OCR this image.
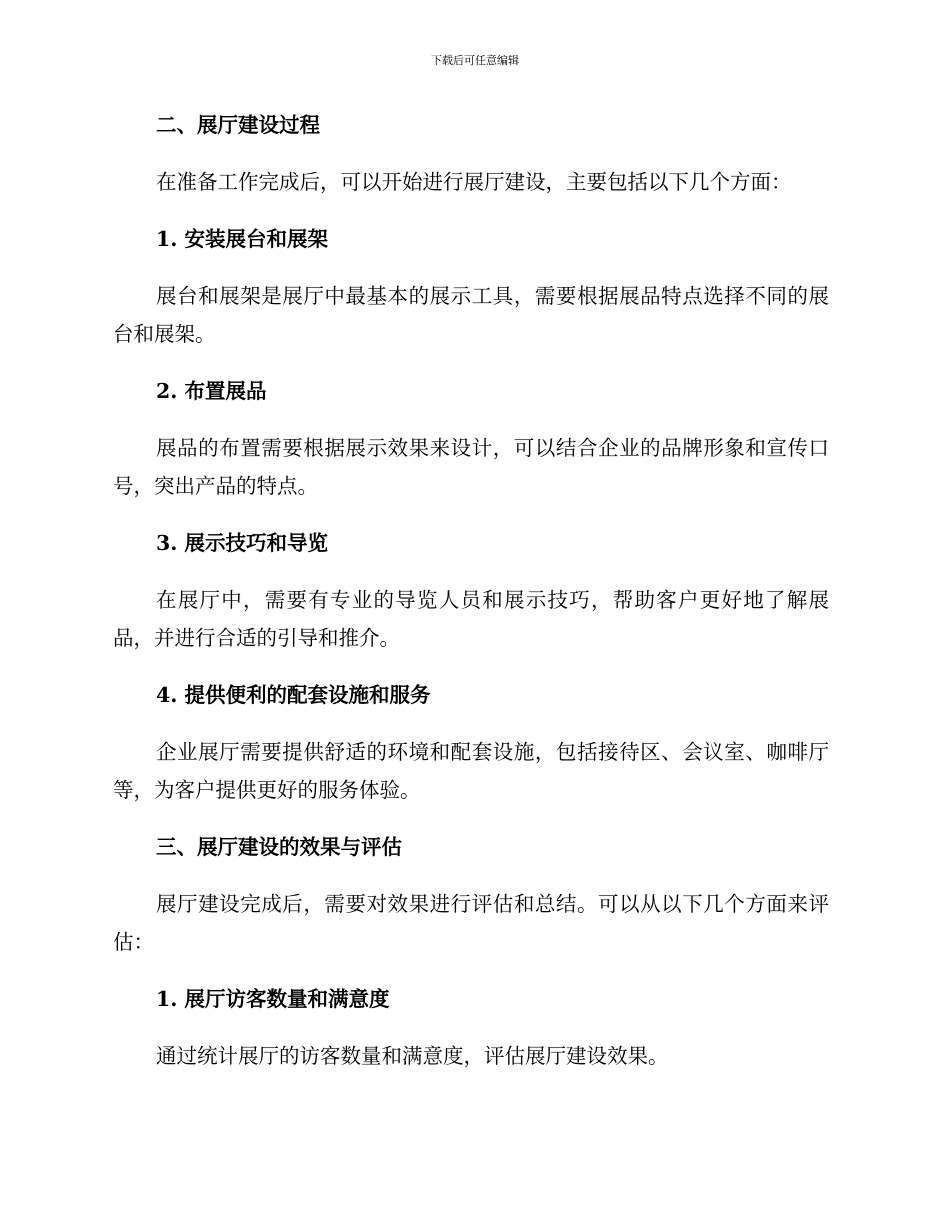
下载后可任意编辑
二、展厅建设过程
在准备工作完成后，可以开始进行展厅建设，主要包括以下几个方面：
1. 安装展台和展架
展台和展架是展厅中最基本的展示工具，需要根据展品特点选择不同的展台和展架。
2. 布置展品
展品的布置需要根据展示效果来设计，可以结合企业的品牌形象和宣传口号，突出产品的特点。
3. 展示技巧和导览
在展厅中，需要有专业的导览人员和展示技巧，帮助客户更好地了解展品，并进行合适的引导和推介。
4. 提供便利的配套设施和服务
企业展厅需要提供舒适的环境和配套设施，包括接待区、会议室、咖啡厅等，为客户提供更好的服务体验。
三、展厅建设的效果与评估
展厅建设完成后，需要对效果进行评估和总结。可以从以下几个方面来评估：
1. 展厅访客数量和满意度
通过统计展厅的访客数量和满意度，评估展厅建设效果。
